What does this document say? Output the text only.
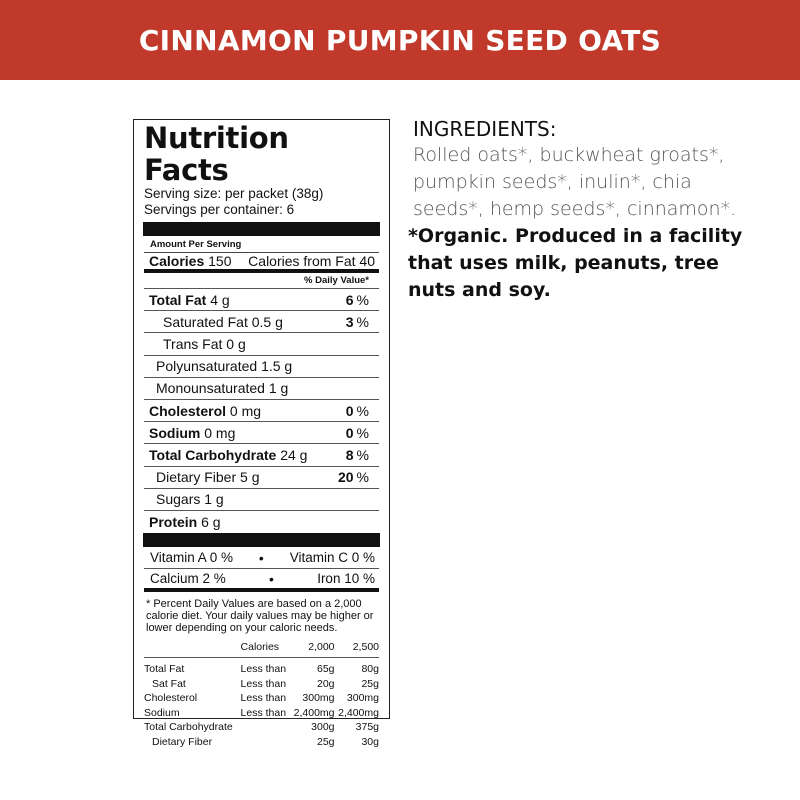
CINNAMON PUMPKIN SEED OATS
Nutrition Facts
Serving size: per packet (38g)
Servings per container: 6
Amount Per Serving
Calories 150 Calories from Fat 40
% Daily Value*
Total Fat 4 g	6 %
Saturated Fat 0.5 g	3 %
Trans Fat 0 g
Polyunsaturated 1.5 g
Monounsaturated 1 g
Cholesterol 0 mg	0 %
Sodium 0 mg	0 %
Total Carbohydrate 24 g	8 %
Dietary Fiber 5 g	20 %
Sugars 1 g
Protein 6 g
Vitamin A 0 % • Vitamin C 0 %
Calcium 2 %	•	Iron 10 %
* Percent Daily Values are based on a 2,000 calorie diet. Your daily values may be higher or lower depending on your caloric needs.
	Calories	2,000	2,500
Total Fat	Less than	65g	80g
Sat Fat	Less than	20g	25g
Cholesterol	Less than	300mg	300mg
Sodium	Less than	2,400mg	2,400mg
Total Carbohydrate		300g	375g
Dietary Fiber		25g	30g
INGREDIENTS:
Rolled oats*, buckwheat groats*, pumpkin seeds*, inulin*, chia seeds*, hemp seeds*, cinnamon*.
*Organic. Produced in a facility that uses milk, peanuts, tree nuts and soy.
